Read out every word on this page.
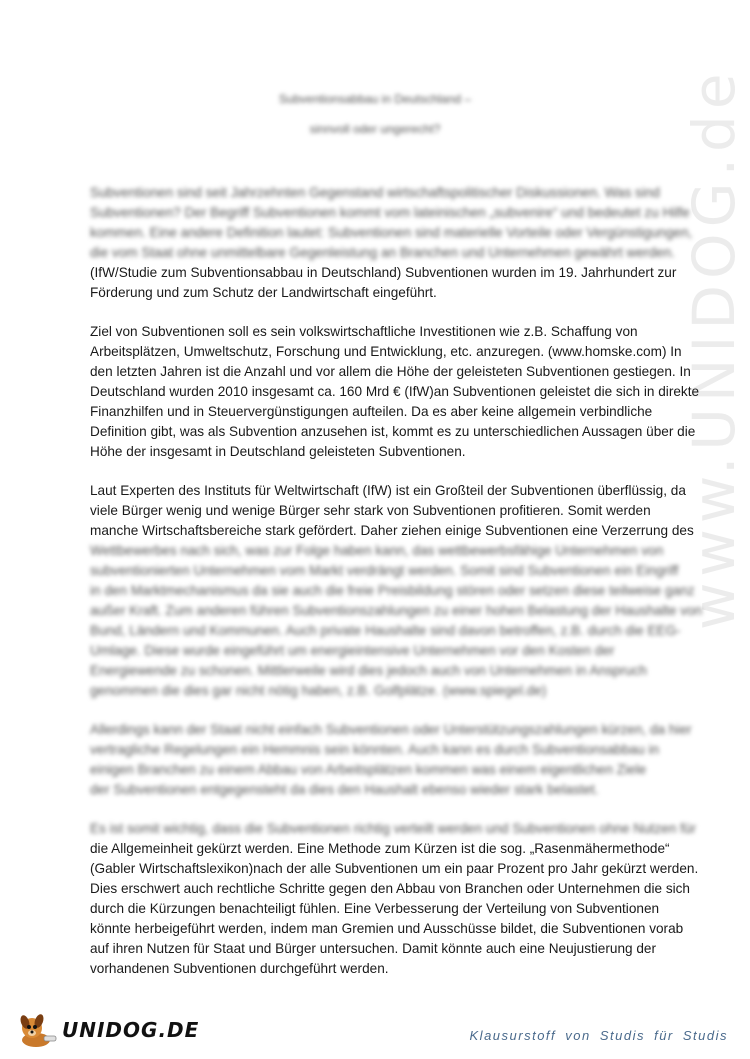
Subventionsabbau in Deutschland –
sinnvoll oder ungerecht?	www.UNIDOG.de
Subventionen sind seit Jahrzehnten Gegenstand wirtschaftspolitischer Diskussionen. Was sind
Subventionen? Der Begriff Subventionen kommt vom lateinischen „subvenire“ und bedeutet zu Hilfe
kommen. Eine andere Definition lautet: Subventionen sind materielle Vorteile oder Vergünstigungen,
die vom Staat ohne unmittelbare Gegenleistung an Branchen und Unternehmen gewährt werden.
(IfW/Studie zum Subventionsabbau in Deutschland) Subventionen wurden im 19. Jahrhundert zur
Förderung und zum Schutz der Landwirtschaft eingeführt.
Ziel von Subventionen soll es sein volkswirtschaftliche Investitionen wie z.B. Schaffung von
Arbeitsplätzen, Umweltschutz, Forschung und Entwicklung, etc. anzuregen. (www.homske.com) In
den letzten Jahren ist die Anzahl und vor allem die Höhe der geleisteten Subventionen gestiegen. In
Deutschland wurden 2010 insgesamt ca. 160 Mrd € (IfW)an Subventionen geleistet die sich in direkte
Finanzhilfen und in Steuervergünstigungen aufteilen. Da es aber keine allgemein verbindliche
Definition gibt, was als Subvention anzusehen ist, kommt es zu unterschiedlichen Aussagen über die
Höhe der insgesamt in Deutschland geleisteten Subventionen.
Laut Experten des Instituts für Weltwirtschaft (IfW) ist ein Großteil der Subventionen überflüssig, da
viele Bürger wenig und wenige Bürger sehr stark von Subventionen profitieren. Somit werden
manche Wirtschaftsbereiche stark gefördert. Daher ziehen einige Subventionen eine Verzerrung des
Wettbewerbes nach sich, was zur Folge haben kann, das wettbewerbsfähige Unternehmen von
subventionierten Unternehmen vom Markt verdrängt werden. Somit sind Subventionen ein Eingriff
in den Marktmechanismus da sie auch die freie Preisbildung stören oder setzen diese teilweise ganz
außer Kraft. Zum anderen führen Subventionszahlungen zu einer hohen Belastung der Haushalte von
Bund, Ländern und Kommunen. Auch private Haushalte sind davon betroffen, z.B. durch die EEG-
Umlage. Diese wurde eingeführt um energieintensive Unternehmen vor den Kosten der
Energiewende zu schonen. Mittlerweile wird dies jedoch auch von Unternehmen in Anspruch
genommen die dies gar nicht nötig haben, z.B. Golfplätze. (www.spiegel.de)
Allerdings kann der Staat nicht einfach Subventionen oder Unterstützungszahlungen kürzen, da hier
vertragliche Regelungen ein Hemmnis sein könnten. Auch kann es durch Subventionsabbau in
einigen Branchen zu einem Abbau von Arbeitsplätzen kommen was einem eigentlichen Ziele
der Subventionen entgegensteht da dies den Haushalt ebenso wieder stark belastet.
Es ist somit wichtig, dass die Subventionen richtig verteilt werden und Subventionen ohne Nutzen für
die Allgemeinheit gekürzt werden. Eine Methode zum Kürzen ist die sog. „Rasenmähermethode“
(Gabler Wirtschaftslexikon)nach der alle Subventionen um ein paar Prozent pro Jahr gekürzt werden.
Dies erschwert auch rechtliche Schritte gegen den Abbau von Branchen oder Unternehmen die sich
durch die Kürzungen benachteiligt fühlen. Eine Verbesserung der Verteilung von Subventionen
könnte herbeigeführt werden, indem man Gremien und Ausschüsse bildet, die Subventionen vorab
auf ihren Nutzen für Staat und Bürger untersuchen. Damit könnte auch eine Neujustierung der
vorhandenen Subventionen durchgeführt werden.
UNIDOG.DE	Klausurstoff von Studis für Studis
